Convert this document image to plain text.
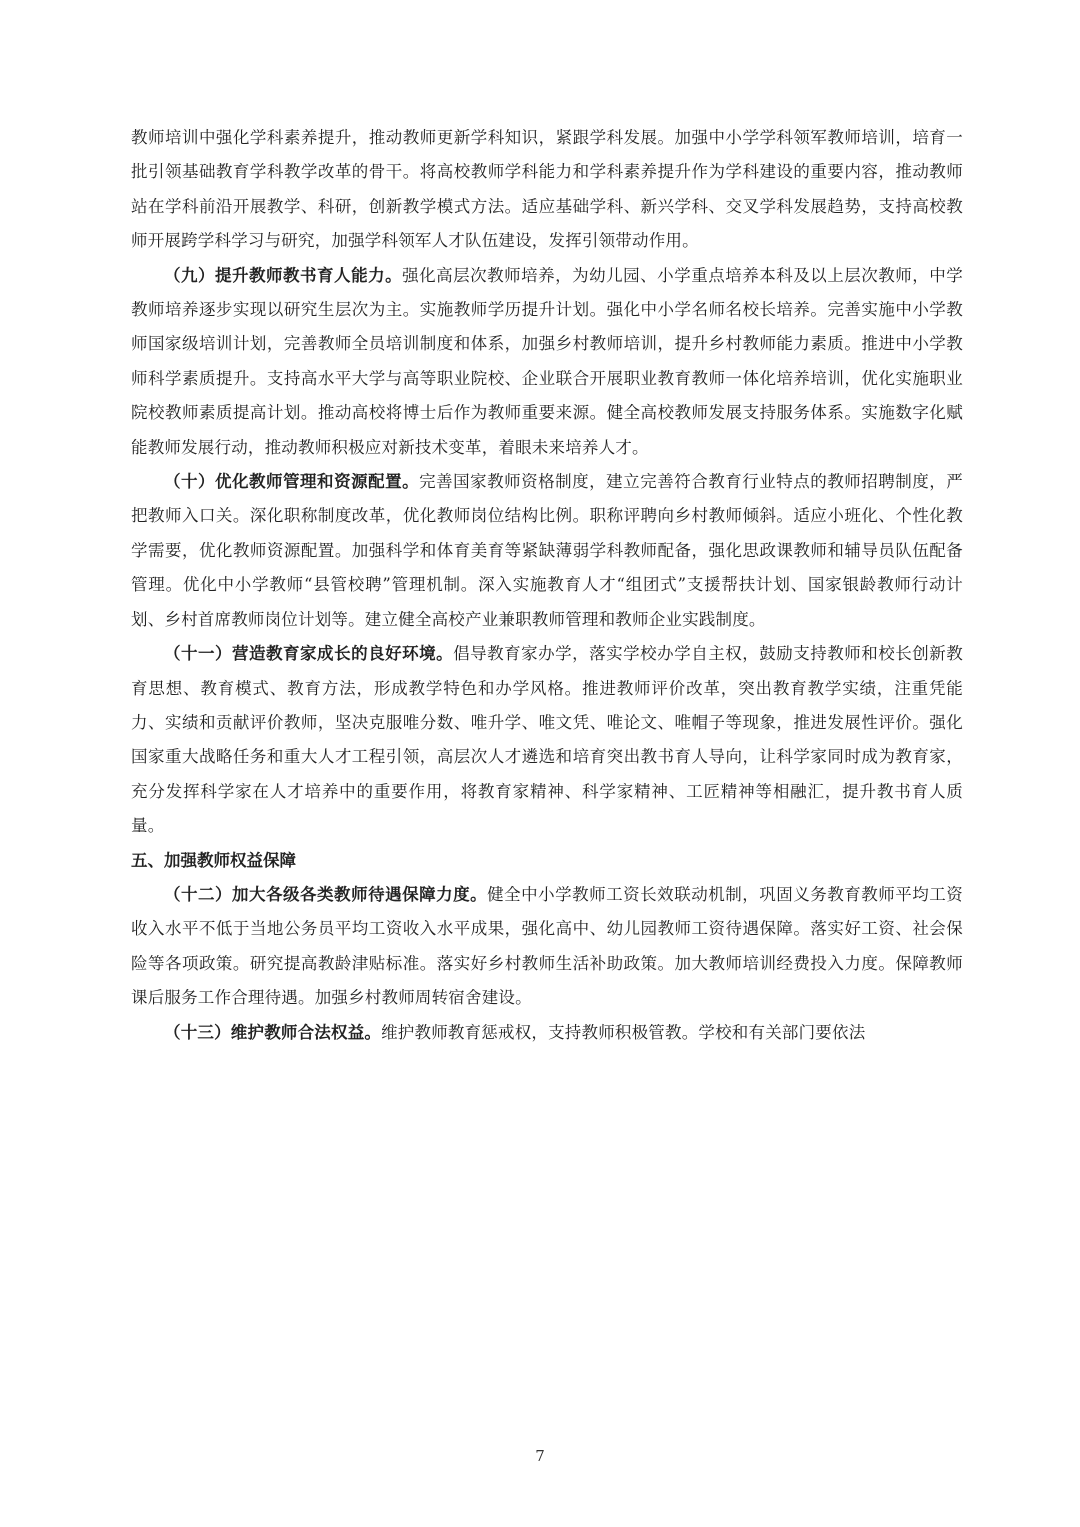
教师培训中强化学科素养提升，推动教师更新学科知识，紧跟学科发展。加强中小学学科领军教师培训，培育一批引领基础教育学科教学改革的骨干。将高校教师学科能力和学科素养提升作为学科建设的重要内容，推动教师站在学科前沿开展教学、科研，创新教学模式方法。适应基础学科、新兴学科、交叉学科发展趋势，支持高校教师开展跨学科学习与研究，加强学科领军人才队伍建设，发挥引领带动作用。

（九）提升教师教书育人能力。强化高层次教师培养，为幼儿园、小学重点培养本科及以上层次教师，中学教师培养逐步实现以研究生层次为主。实施教师学历提升计划。强化中小学名师名校长培养。完善实施中小学教师国家级培训计划，完善教师全员培训制度和体系，加强乡村教师培训，提升乡村教师能力素质。推进中小学教师科学素质提升。支持高水平大学与高等职业院校、企业联合开展职业教育教师一体化培养培训，优化实施职业院校教师素质提高计划。推动高校将博士后作为教师重要来源。健全高校教师发展支持服务体系。实施数字化赋能教师发展行动，推动教师积极应对新技术变革，着眼未来培养人才。

（十）优化教师管理和资源配置。完善国家教师资格制度，建立完善符合教育行业特点的教师招聘制度，严把教师入口关。深化职称制度改革，优化教师岗位结构比例。职称评聘向乡村教师倾斜。适应小班化、个性化教学需要，优化教师资源配置。加强科学和体育美育等紧缺薄弱学科教师配备，强化思政课教师和辅导员队伍配备管理。优化中小学教师“县管校聘”管理机制。深入实施教育人才“组团式”支援帮扶计划、国家银龄教师行动计划、乡村首席教师岗位计划等。建立健全高校产业兼职教师管理和教师企业实践制度。

（十一）营造教育家成长的良好环境。倡导教育家办学，落实学校办学自主权，鼓励支持教师和校长创新教育思想、教育模式、教育方法，形成教学特色和办学风格。推进教师评价改革，突出教育教学实绩，注重凭能力、实绩和贡献评价教师，坚决克服唯分数、唯升学、唯文凭、唯论文、唯帽子等现象，推进发展性评价。强化国家重大战略任务和重大人才工程引领，高层次人才遴选和培育突出教书育人导向，让科学家同时成为教育家，充分发挥科学家在人才培养中的重要作用，将教育家精神、科学家精神、工匠精神等相融汇，提升教书育人质量。

五、加强教师权益保障

（十二）加大各级各类教师待遇保障力度。健全中小学教师工资长效联动机制，巩固义务教育教师平均工资收入水平不低于当地公务员平均工资收入水平成果，强化高中、幼儿园教师工资待遇保障。落实好工资、社会保险等各项政策。研究提高教龄津贴标准。落实好乡村教师生活补助政策。加大教师培训经费投入力度。保障教师课后服务工作合理待遇。加强乡村教师周转宿舍建设。

（十三）维护教师合法权益。维护教师教育惩戒权，支持教师积极管教。学校和有关部门要依法

7
